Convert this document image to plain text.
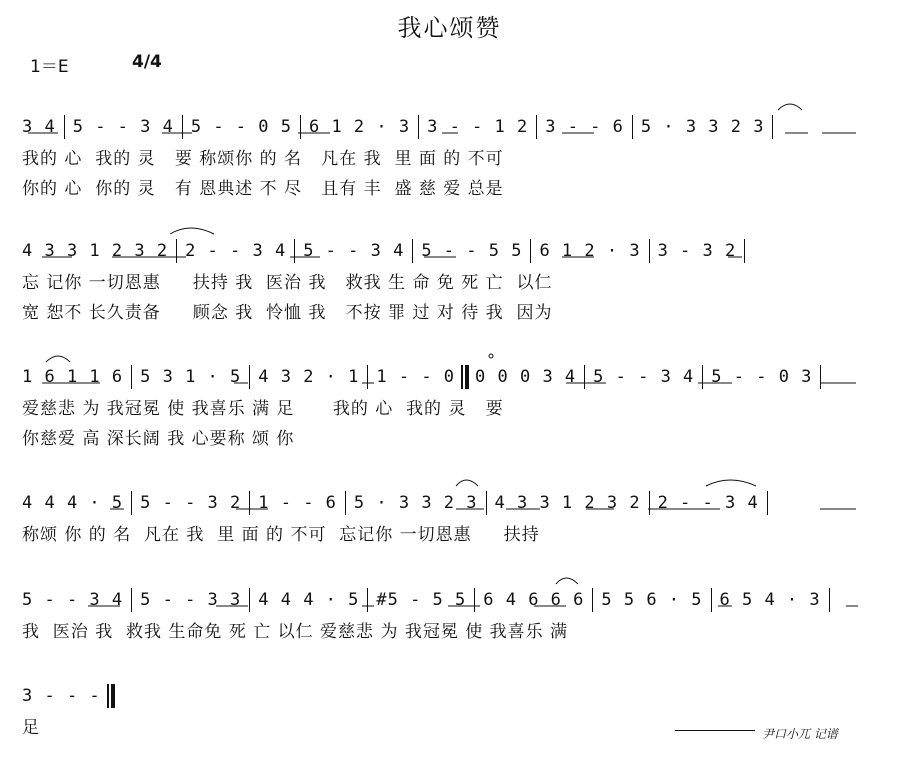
我心颂赞
1＝E	4/4
3 4 5 - - 3 4 5 - - 0 5 6 1 2 · 3 3 - - 1 2 3 - - 6 5 · 3 3 2 3
我的 心  我的 灵   要 称颂你 的 名   凡在 我  里 面 的 不可
你的 心  你的 灵   有 恩典述 不 尽   且有 丰  盛 慈 爱 总是
4 3 3 1 2 3 2 2 - - 3 4 5 - - 3 4 5 - - 5 5 6 1 2 · 3 3 - 3 2
忘 记你 一切恩惠     扶持 我  医治 我   救我 生 命 免 死 亡  以仁
宽 恕不 长久责备     顾念 我  怜恤 我   不按 罪 过 对 待 我  因为
1 6 1 1 6 5 3 1 · 5 4 3 2 · 1 1 - - 0 0 0 0 3 4 5 - - 3 4 5 - - 0 3
爱慈悲 为 我冠冕 使 我喜乐 满 足      我的 心  我的 灵   要
你慈爱 高 深长阔 我 心要称 颂 你
4 4 4 · 5 5 - - 3 2 1 - - 6 5 · 3 3 2 3 4 3 3 1 2 3 2 2 - - 3 4
称颂 你 的 名  凡在 我  里 面 的 不可  忘记你 一切恩惠     扶持
5 - - 3 4 5 - - 3 3 4 4 4 · 5 #5 - 5 5 6 4 6 6 6 5 5 6 · 5 6 5 4 · 3
我  医治 我  救我 生命免 死 亡 以仁 爱慈悲 为 我冠冕 使 我喜乐 满
3 - - -
足	尹口小兀 记谱
